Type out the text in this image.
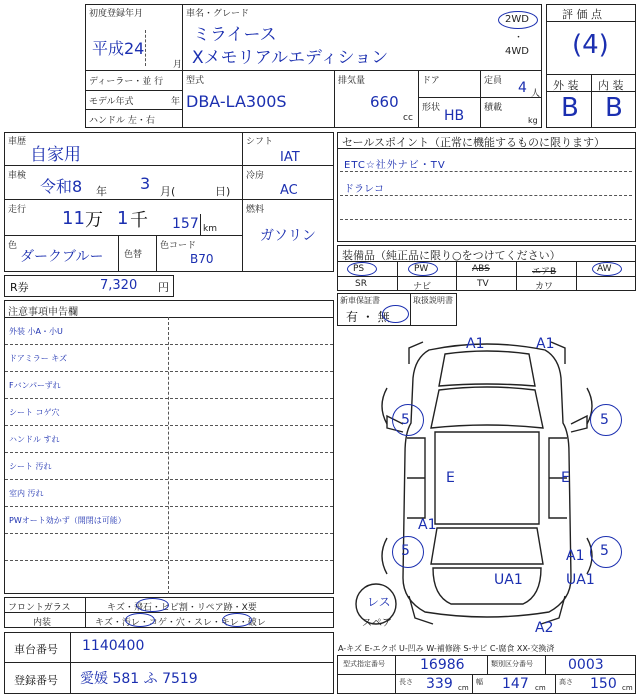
初度登録年月
平成24
月
車名・グレード
ミライース
Xメモリアルエディション
2WD
・
4WD
ディーラー・並 行
モデル年式	年
ハンドル 左・右
型式
DBA-LA300S
排気量
660
cc
ドア
形状 HB
定員 4 人
積載
kg
評 価 点
(4)
外 装 内 装
B B
車歴
自家用
車検
令和8 年 3 月(	日)
走行 11 万 1 千 157 km
色
ダークブルー 色替
色コード
B70
シフト
IAT
冷房
AC
燃料
ガソリン
R券	7,320 円
セールスポイント（正常に機能するものに限ります）
ETC☆社外ナビ・TV
ドラレコ
装備品（純正品に限り○をつけてください）
PS	PW	ABS	エアB	AW
SR	ナビ	TV	カワ
新車保証書
有 ・ 無
取扱説明書
注意事項申告欄
外装 小A・小U
ドアミラー キズ
Fバンパーずれ
シート コゲ穴
ハンドル すれ
シート 汚れ
室内 汚れ
PWオート効かず（開閉は可能）
フロントガラス	キズ・飛石・ヒビ割・リペア跡・X要
内装	キズ・汚レ・コゲ・穴・スレ・キレ・破レ
車台番号 1140400
登録番号 愛媛 581 ふ 7519
A1	A1
5	5
E	E
A1
5	5
A1
UA1	UA1
A2
レス
スペア
A-キズ E-エクボ U-凹み W-補修跡 S-サビ C-腐食 XX-交換済
型式指定番号	16986	類別区分番号	0003
長さ 339 cm
幅 147 cm
高さ 150 cm
